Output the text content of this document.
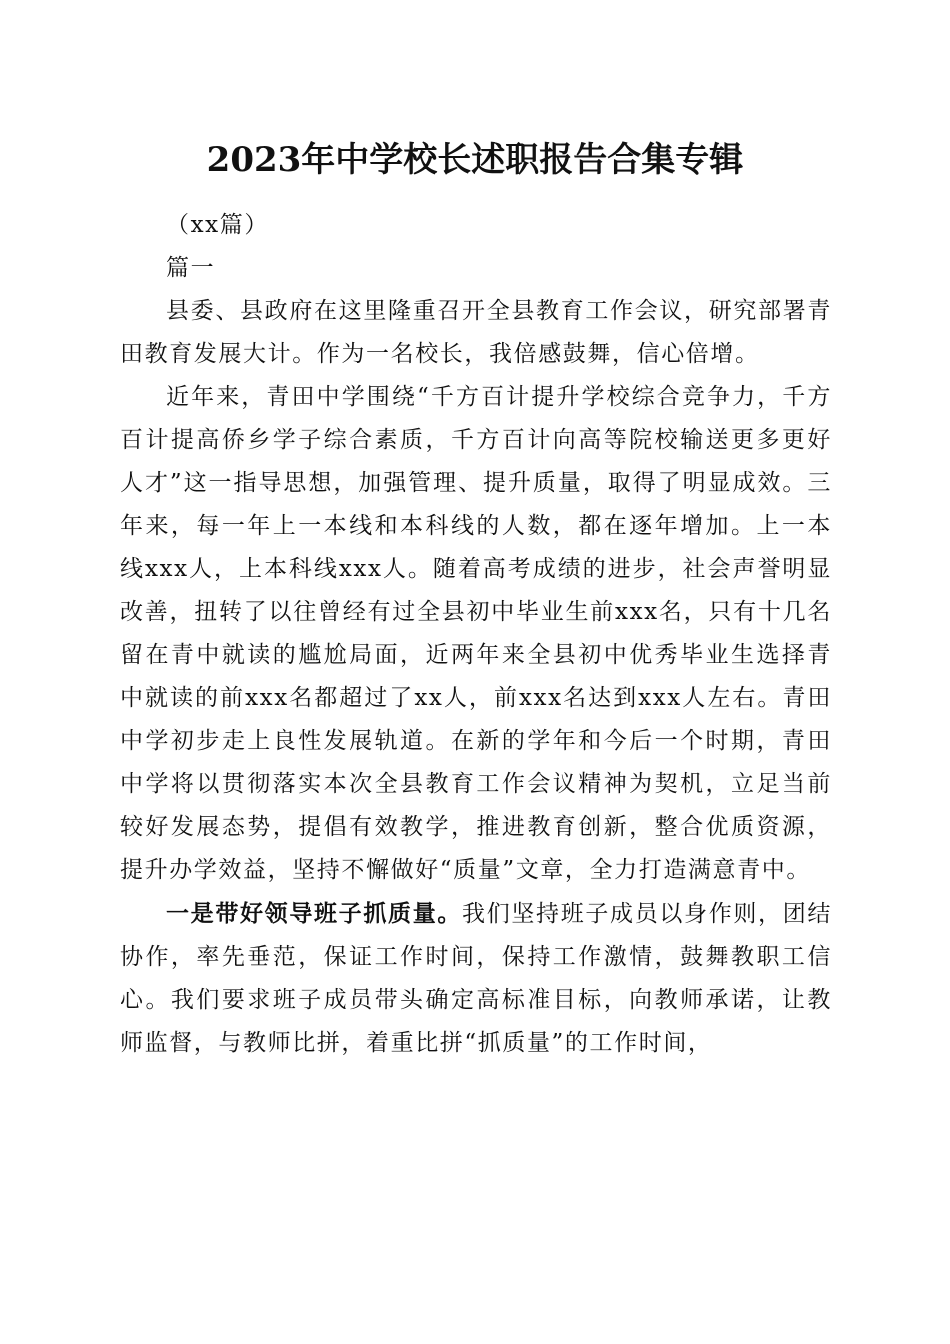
2023年中学校长述职报告合集专辑

（xx篇）

篇一

县委、县政府在这里隆重召开全县教育工作会议，研究部署青田教育发展大计。作为一名校长，我倍感鼓舞，信心倍增。

近年来，青田中学围绕“千方百计提升学校综合竞争力，千方百计提高侨乡学子综合素质，千方百计向高等院校输送更多更好人才”这一指导思想，加强管理、提升质量，取得了明显成效。三年来，每一年上一本线和本科线的人数，都在逐年增加。上一本线xxx人，上本科线xxx人。随着高考成绩的进步，社会声誉明显改善，扭转了以往曾经有过全县初中毕业生前xxx名，只有十几名留在青中就读的尴尬局面，近两年来全县初中优秀毕业生选择青中就读的前xxx名都超过了xx人，前xxx名达到xxx人左右。青田中学初步走上良性发展轨道。在新的学年和今后一个时期，青田中学将以贯彻落实本次全县教育工作会议精神为契机，立足当前较好发展态势，提倡有效教学，推进教育创新，整合优质资源，提升办学效益，坚持不懈做好“质量”文章，全力打造满意青中。

一是带好领导班子抓质量。我们坚持班子成员以身作则，团结协作，率先垂范，保证工作时间，保持工作激情，鼓舞教职工信心。我们要求班子成员带头确定高标准目标，向教师承诺，让教师监督，与教师比拼，着重比拼“抓质量”的工作时间，
